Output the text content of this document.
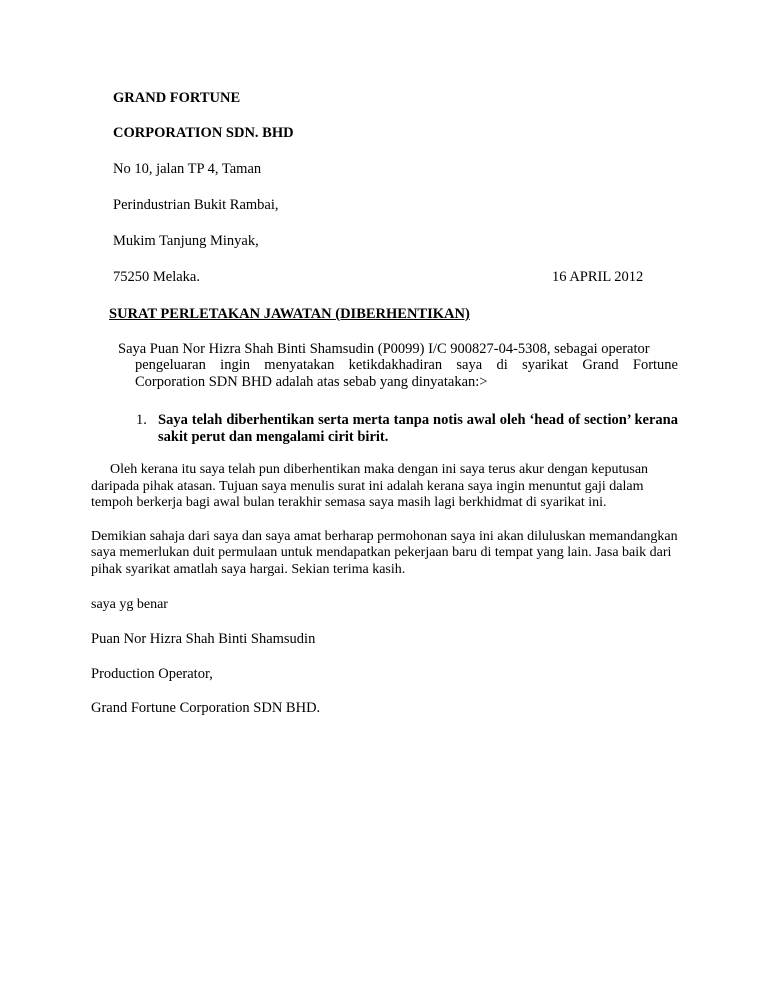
GRAND FORTUNE
CORPORATION SDN. BHD
No 10, jalan TP 4, Taman
Perindustrian Bukit Rambai,
Mukim Tanjung Minyak,
75250 Melaka.	16 APRIL 2012
SURAT PERLETAKAN JAWATAN (DIBERHENTIKAN)
Saya Puan Nor Hizra Shah Binti Shamsudin (P0099) I/C 900827-04-5308, sebagai operator
pengeluaran ingin menyatakan ketikdakhadiran saya di syarikat Grand Fortune
Corporation SDN BHD adalah atas sebab yang dinyatakan:>
1. Saya telah diberhentikan serta merta tanpa notis awal oleh ‘head of section’ kerana
sakit perut dan mengalami cirit birit.
Oleh kerana itu saya telah pun diberhentikan maka dengan ini saya terus akur dengan keputusan
daripada pihak atasan. Tujuan saya menulis surat ini adalah kerana saya ingin menuntut gaji dalam
tempoh berkerja bagi awal bulan terakhir semasa saya masih lagi berkhidmat di syarikat ini.
Demikian sahaja dari saya dan saya amat berharap permohonan saya ini akan diluluskan memandangkan
saya memerlukan duit permulaan untuk mendapatkan pekerjaan baru di tempat yang lain. Jasa baik dari
pihak syarikat amatlah saya hargai. Sekian terima kasih.
saya yg benar
Puan Nor Hizra Shah Binti Shamsudin
Production Operator,
Grand Fortune Corporation SDN BHD.
